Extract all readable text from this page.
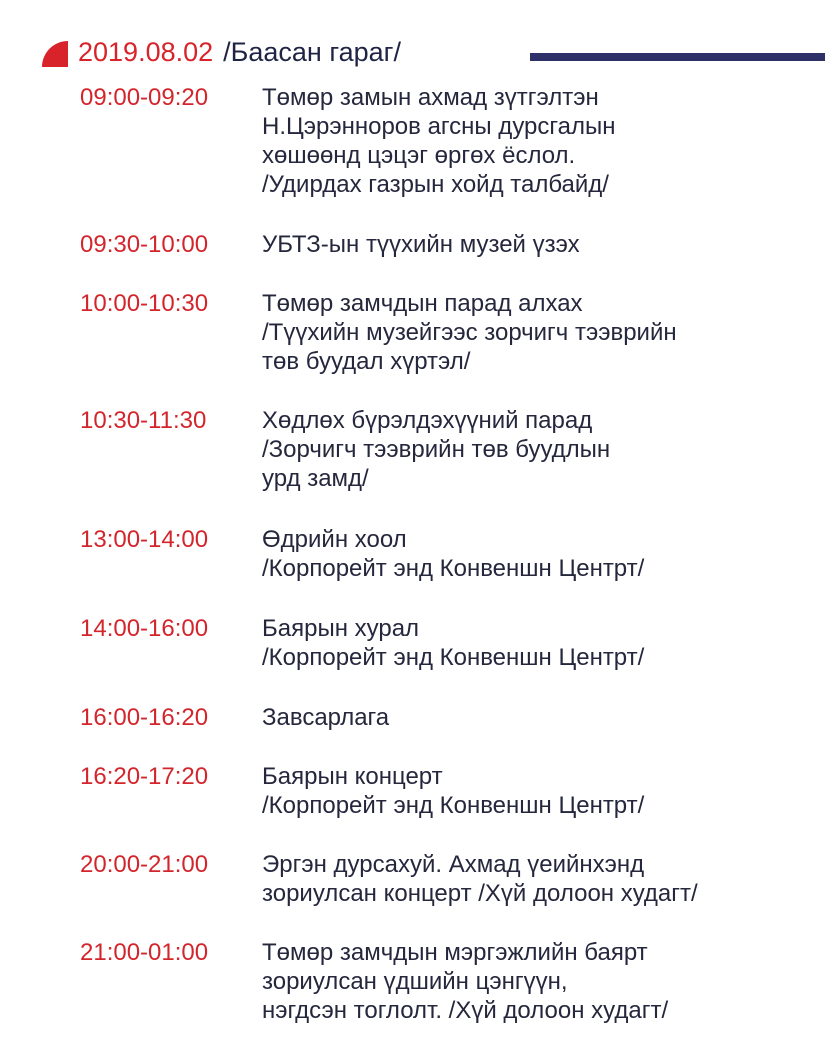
2019.08.02 /Баасан гараг/
09:00-09:20 Төмөр замын ахмад зүтгэлтэн
Н.Цэрэнноров агсны дурсгалын
хөшөөнд цэцэг өргөх ёслол.
/Удирдах газрын хойд талбайд/
09:30-10:00 УБТЗ-ын түүхийн музей үзэх
10:00-10:30 Төмөр замчдын парад алхах
/Түүхийн музейгээс зорчигч тээврийн
төв буудал хүртэл/
10:30-11:30 Хөдлөх бүрэлдэхүүний парад
/Зорчигч тээврийн төв буудлын
урд замд/
13:00-14:00 Өдрийн хоол
/Корпорейт энд Конвеншн Центрт/
14:00-16:00 Баярын хурал
/Корпорейт энд Конвеншн Центрт/
16:00-16:20 Завсарлага
16:20-17:20 Баярын концерт
/Корпорейт энд Конвеншн Центрт/
20:00-21:00 Эргэн дурсахуй. Ахмад үеийнхэнд
зориулсан концерт /Хүй долоон худагт/
21:00-01:00 Төмөр замчдын мэргэжлийн баярт
зориулсан үдшийн цэнгүүн,
нэгдсэн тоглолт. /Хүй долоон худагт/
